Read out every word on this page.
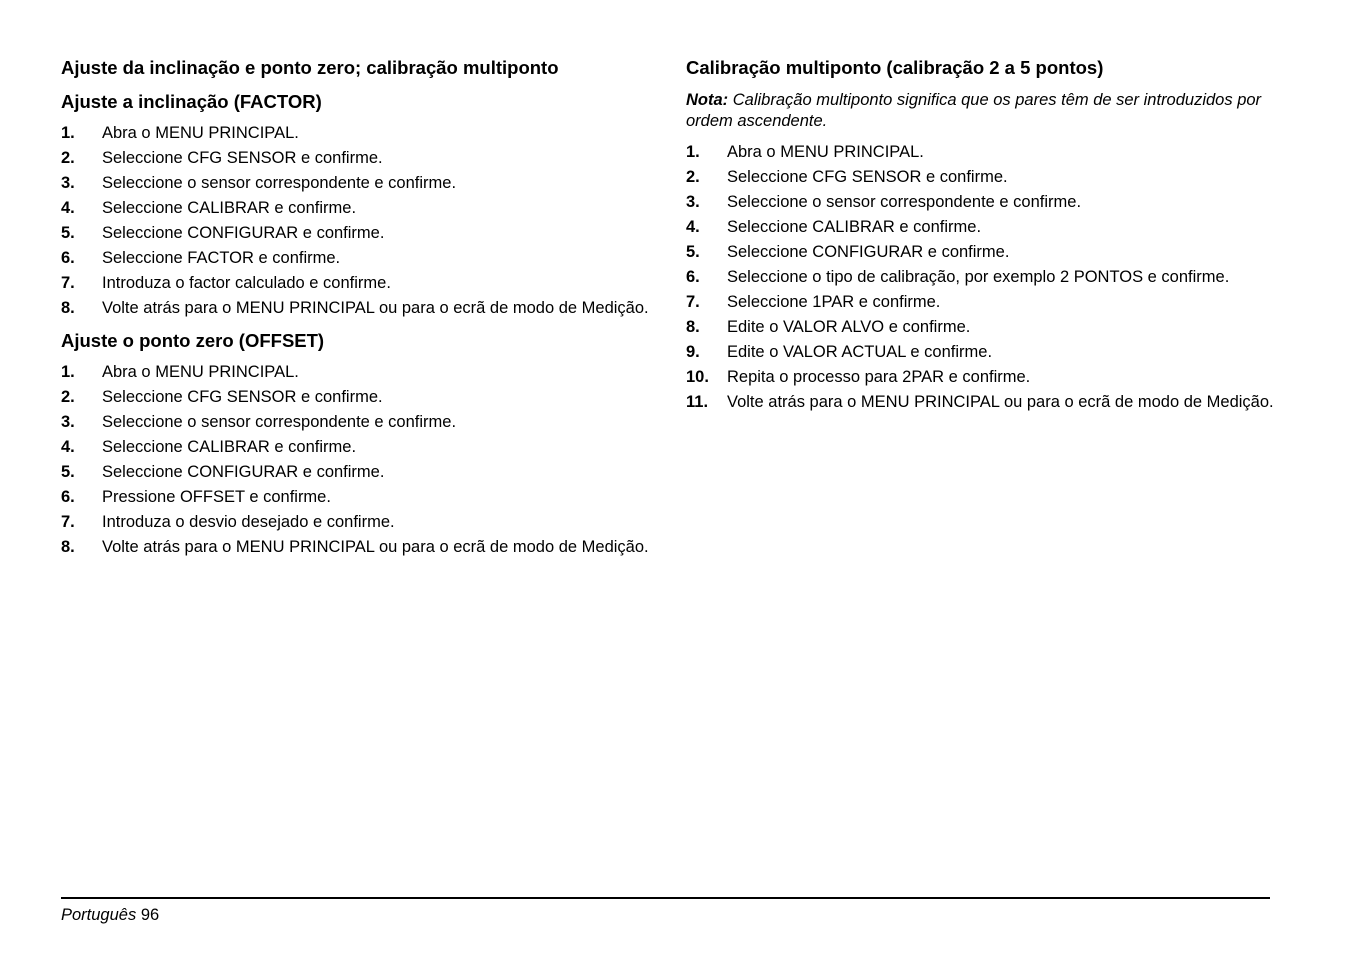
Ajuste da inclinação e ponto zero; calibração multiponto
Ajuste a inclinação (FACTOR)
1.	Abra o MENU PRINCIPAL.
2.	Seleccione CFG SENSOR e confirme.
3.	Seleccione o sensor correspondente e confirme.
4.	Seleccione CALIBRAR e confirme.
5.	Seleccione CONFIGURAR e confirme.
6.	Seleccione FACTOR e confirme.
7.	Introduza o factor calculado e confirme.
8.	Volte atrás para o MENU PRINCIPAL ou para o ecrã de modo de Medição.
Ajuste o ponto zero (OFFSET)
1.	Abra o MENU PRINCIPAL.
2.	Seleccione CFG SENSOR e confirme.
3.	Seleccione o sensor correspondente e confirme.
4.	Seleccione CALIBRAR e confirme.
5.	Seleccione CONFIGURAR e confirme.
6.	Pressione OFFSET e confirme.
7.	Introduza o desvio desejado e confirme.
8.	Volte atrás para o MENU PRINCIPAL ou para o ecrã de modo de Medição.
Calibração multiponto (calibração 2 a 5 pontos)

Nota: Calibração multiponto significa que os pares têm de ser introduzidos por ordem ascendente.

1.	Abra o MENU PRINCIPAL.
2.	Seleccione CFG SENSOR e confirme.
3.	Seleccione o sensor correspondente e confirme.
4.	Seleccione CALIBRAR e confirme.
5.	Seleccione CONFIGURAR e confirme.
6.	Seleccione o tipo de calibração, por exemplo 2 PONTOS e confirme.
7.	Seleccione 1PAR e confirme.
8.	Edite o VALOR ALVO e confirme.
9.	Edite o VALOR ACTUAL e confirme.
10.	Repita o processo para 2PAR e confirme.
11.	Volte atrás para o MENU PRINCIPAL ou para o ecrã de modo de Medição.
Português 96
